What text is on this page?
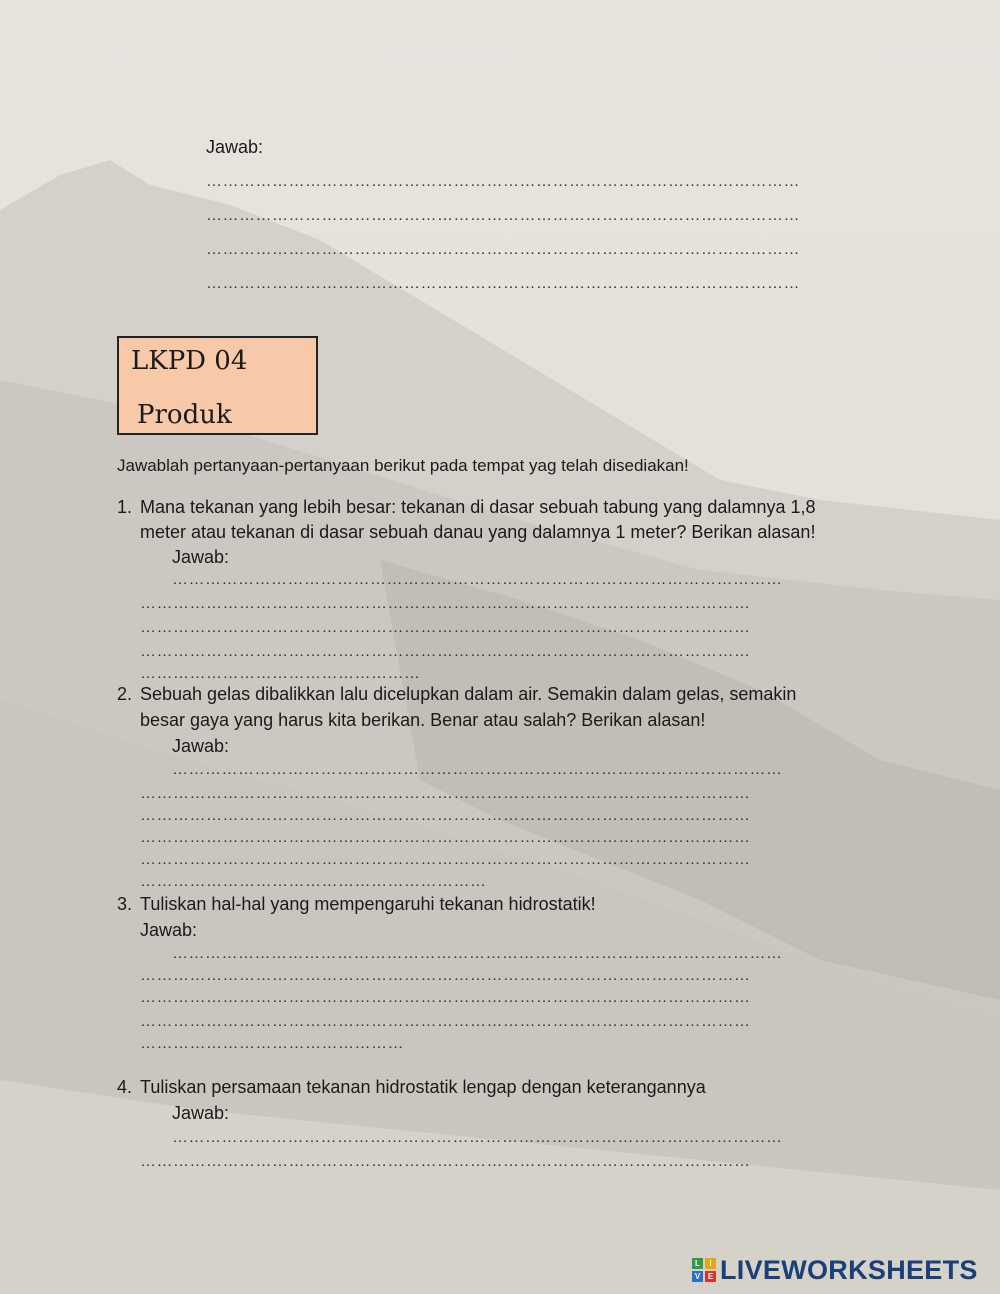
Jawab:
………………………………………………………………………………………………
………………………………………………………………………………………………
………………………………………………………………………………………………
………………………………………………………………………………………………
LKPD 04
Produk
Jawablah pertanyaan-pertanyaan berikut pada tempat yag telah disediakan!
1. Mana tekanan yang lebih besar: tekanan di dasar sebuah tabung yang dalamnya 1,8
meter atau tekanan di dasar sebuah danau yang dalamnya 1 meter? Berikan alasan!
Jawab:
…………………………………………………………………………………………………
…………………………………………………………………………………………………
…………………………………………………………………………………………………
…………………………………………………………………………………………………
……………………………………………
2. Sebuah gelas dibalikkan lalu dicelupkan dalam air. Semakin dalam gelas, semakin
besar gaya yang harus kita berikan. Benar atau salah? Berikan alasan!
Jawab:
…………………………………………………………………………………………………
…………………………………………………………………………………………………
…………………………………………………………………………………………………
…………………………………………………………………………………………………
…………………………………………………………………………………………………
………………………………………………………
3. Tuliskan hal-hal yang mempengaruhi tekanan hidrostatik!
Jawab:
…………………………………………………………………………………………………
…………………………………………………………………………………………………
…………………………………………………………………………………………………
…………………………………………………………………………………………………
…………………………………………
4. Tuliskan persamaan tekanan hidrostatik lengap dengan keterangannya
Jawab:
…………………………………………………………………………………………………
…………………………………………………………………………………………………
L	I
V E LIVEWORKSHEETS
